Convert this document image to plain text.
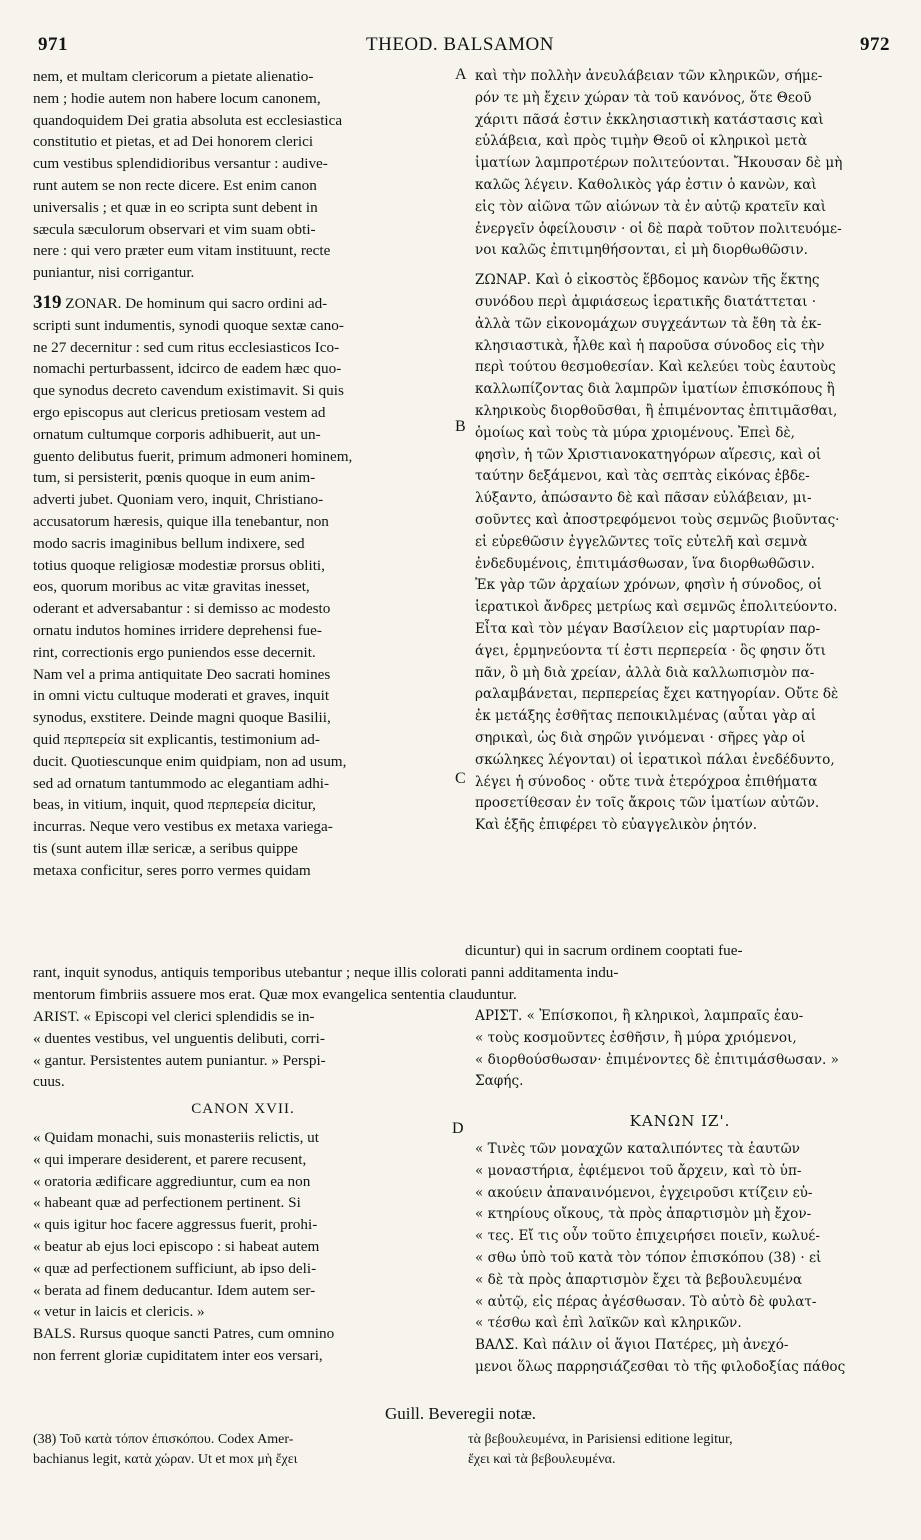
971	THEOD. BALSAMON	972
A
B
C
D
nem, et multam clericorum a pietate alienatio-
nem ; hodie autem non habere locum canonem,
quandoquidem Dei gratia absoluta est ecclesiastica
constitutio et pietas, et ad Dei honorem clerici
cum vestibus splendidioribus versantur : audive-
runt autem se non recte dicere. Est enim canon
universalis ; et quæ in eo scripta sunt debent in
sæcula sæculorum observari et vim suam obti-
nere : qui vero præter eum vitam instituunt, recte
puniantur, nisi corrigantur.
319 ZONAR. De hominum qui sacro ordini ad-
scripti sunt indumentis, synodi quoque sextæ cano-
ne 27 decernitur : sed cum ritus ecclesiasticos Ico-
nomachi perturbassent, idcirco de eadem hæc quo-
que synodus decreto cavendum existimavit. Si quis
ergo episcopus aut clericus pretiosam vestem ad
ornatum cultumque corporis adhibuerit, aut un-
guento delibutus fuerit, primum admoneri hominem,
tum, si persisterit, pœnis quoque in eum anim-
adverti jubet. Quoniam vero, inquit, Christiano-
accusatorum hæresis, quique illa tenebantur, non
modo sacris imaginibus bellum indixere, sed
totius quoque religiosæ modestiæ prorsus obliti,
eos, quorum moribus ac vitæ gravitas inesset,
oderant et adversabantur : si demisso ac modesto
ornatu indutos homines irridere deprehensi fue-
rint, correctionis ergo puniendos esse decernit.
Nam vel a prima antiquitate Deo sacrati homines
in omni victu cultuque moderati et graves, inquit
synodus, exstitere. Deinde magni quoque Basilii,
quid περπερεία sit explicantis, testimonium ad-
ducit. Quotiescunque enim quidpiam, non ad usum,
sed ad ornatum tantummodo ac elegantiam adhi-
beas, in vitium, inquit, quod περπερεία dicitur,
incurras. Neque vero vestibus ex metaxa variega-
tis (sunt autem illæ sericæ, a seribus quippe
metaxa conficitur, seres porro vermes quidam
καὶ τὴν πολλὴν ἀνευλάβειαν τῶν κληρικῶν, σήμε-
ρόν τε μὴ ἔχειν χώραν τὰ τοῦ κανόνος, ὅτε Θεοῦ
χάριτι πᾶσά ἐστιν ἐκκλησιαστικὴ κατάστασις καὶ
εὐλάβεια, καὶ πρὸς τιμὴν Θεοῦ οἱ κληρικοὶ μετὰ
ἱματίων λαμπροτέρων πολιτεύονται. Ἤκουσαν δὲ μὴ
καλῶς λέγειν. Καθολικὸς γάρ ἐστιν ὁ κανὼν, καὶ
εἰς τὸν αἰῶνα τῶν αἰώνων τὰ ἐν αὐτῷ κρατεῖν καὶ
ἐνεργεῖν ὀφείλουσιν · οἱ δὲ παρὰ τοῦτον πολιτευόμε-
νοι καλῶς ἐπιτιμηθήσονται, εἰ μὴ διορθωθῶσιν.
ΖΩΝΑΡ. Καὶ ὁ εἰκοστὸς ἕβδομος κανὼν τῆς ἕκτης
συνόδου περὶ ἀμφιάσεως ἱερατικῆς διατάττεται ·
ἀλλὰ τῶν εἰκονομάχων συγχεάντων τὰ ἔθη τὰ ἐκ-
κλησιαστικὰ, ἦλθε καὶ ἡ παροῦσα σύνοδος εἰς τὴν
περὶ τούτου θεσμοθεσίαν. Καὶ κελεύει τοὺς ἑαυτοὺς
καλλωπίζοντας διὰ λαμπρῶν ἱματίων ἐπισκόπους ἢ
κληρικοὺς διορθοῦσθαι, ἢ ἐπιμένοντας ἐπιτιμᾶσθαι,
ὁμοίως καὶ τοὺς τὰ μύρα χριομένους. Ἐπεὶ δὲ,
φησὶν, ἡ τῶν Χριστιανοκατηγόρων αἵρεσις, καὶ οἱ
ταύτην δεξάμενοι, καὶ τὰς σεπτὰς εἰκόνας ἐβδε-
λύξαντο, ἀπώσαντο δὲ καὶ πᾶσαν εὐλάβειαν, μι-
σοῦντες καὶ ἀποστρεφόμενοι τοὺς σεμνῶς βιοῦντας·
εἰ εὑρεθῶσιν ἐγγελῶντες τοῖς εὐτελῆ καὶ σεμνὰ
ἐνδεδυμένοις, ἐπιτιμάσθωσαν, ἵνα διορθωθῶσιν.
Ἐκ γὰρ τῶν ἀρχαίων χρόνων, φησὶν ἡ σύνοδος, οἱ
ἱερατικοὶ ἄνδρες μετρίως καὶ σεμνῶς ἐπολιτεύοντο.
Εἶτα καὶ τὸν μέγαν Βασίλειον εἰς μαρτυρίαν παρ-
άγει, ἑρμηνεύοντα τί ἐστι περπερεία · ὃς φησιν ὅτι
πᾶν, ὃ μὴ διὰ χρείαν, ἀλλὰ διὰ καλλωπισμὸν πα-
ραλαμβάνεται, περπερείας ἔχει κατηγορίαν. Οὔτε δὲ
ἐκ μετάξης ἐσθῆτας πεποικιλμένας (αὗται γὰρ αἱ
σηρικαὶ, ὡς διὰ σηρῶν γινόμεναι · σῆρες γὰρ οἱ
σκώληκες λέγονται) οἱ ἱερατικοὶ πάλαι ἐνεδέδυντο,
λέγει ἡ σύνοδος · οὔτε τινὰ ἑτερόχροα ἐπιθήματα
προσετίθεσαν ἐν τοῖς ἄκροις τῶν ἱματίων αὐτῶν.
Καὶ ἑξῆς ἐπιφέρει τὸ εὐαγγελικὸν ῥητόν.
dicuntur) qui in sacrum ordinem cooptati fue-
rant, inquit synodus, antiquis temporibus utebantur ; neque illis colorati panni additamenta indu-
mentorum fimbriis assuere mos erat. Quæ mox evangelica sententia clauduntur.
ARIST. « Episcopi vel clerici splendidis se in-
« duentes vestibus, vel unguentis delibuti, corri-
« gantur. Persistentes autem puniantur. » Perspi-
cuus.
CANON XVII.
« Quidam monachi, suis monasteriis relictis, ut
« qui imperare desiderent, et parere recusent,
« oratoria ædificare aggrediuntur, cum ea non
« habeant quæ ad perfectionem pertinent. Si
« quis igitur hoc facere aggressus fuerit, prohi-
« beatur ab ejus loci episcopo : si habeat autem
« quæ ad perfectionem sufficiunt, ab ipso deli-
« berata ad finem deducantur. Idem autem ser-
« vetur in laicis et clericis. »
BALS. Rursus quoque sancti Patres, cum omnino
non ferrent gloriæ cupiditatem inter eos versari,
ΑΡΙΣΤ. « Ἐπίσκοποι, ἢ κληρικοὶ, λαμπραῖς ἑαυ-
« τοὺς κοσμοῦντες ἐσθῆσιν, ἢ μύρα χριόμενοι,
« διορθούσθωσαν· ἐπιμένοντες δὲ ἐπιτιμάσθωσαν. »
Σαφής.
ΚΑΝΩΝ ΙΖ'.
« Τινὲς τῶν μοναχῶν καταλιπόντες τὰ ἑαυτῶν
« μοναστήρια, ἐφιέμενοι τοῦ ἄρχειν, καὶ τὸ ὑπ-
« ακούειν ἀπαναινόμενοι, ἐγχειροῦσι κτίζειν εὐ-
« κτηρίους οἴκους, τὰ πρὸς ἀπαρτισμὸν μὴ ἔχον-
« τες. Εἴ τις οὖν τοῦτο ἐπιχειρήσει ποιεῖν, κωλυέ-
« σθω ὑπὸ τοῦ κατὰ τὸν τόπον ἐπισκόπου (38) · εἰ
« δὲ τὰ πρὸς ἀπαρτισμὸν ἔχει τὰ βεβουλευμένα
« αὐτῷ, εἰς πέρας ἀγέσθωσαν. Τὸ αὐτὸ δὲ φυλατ-
« τέσθω καὶ ἐπὶ λαϊκῶν καὶ κληρικῶν.
ΒΑΛΣ. Καὶ πάλιν οἱ ἅγιοι Πατέρες, μὴ ἀνεχό-
μενοι ὅλως παρρησιάζεσθαι τὸ τῆς φιλοδοξίας πάθος
Guill. Beveregii notæ.
(38) Τοῦ κατὰ τόπον ἐπισκόπου. Codex Amer-
bachianus legit, κατὰ χώραν. Ut et mox μὴ ἔχει
τὰ βεβουλευμένα, in Parisiensi editione legitur,
ἔχει καὶ τὰ βεβουλευμένα.
